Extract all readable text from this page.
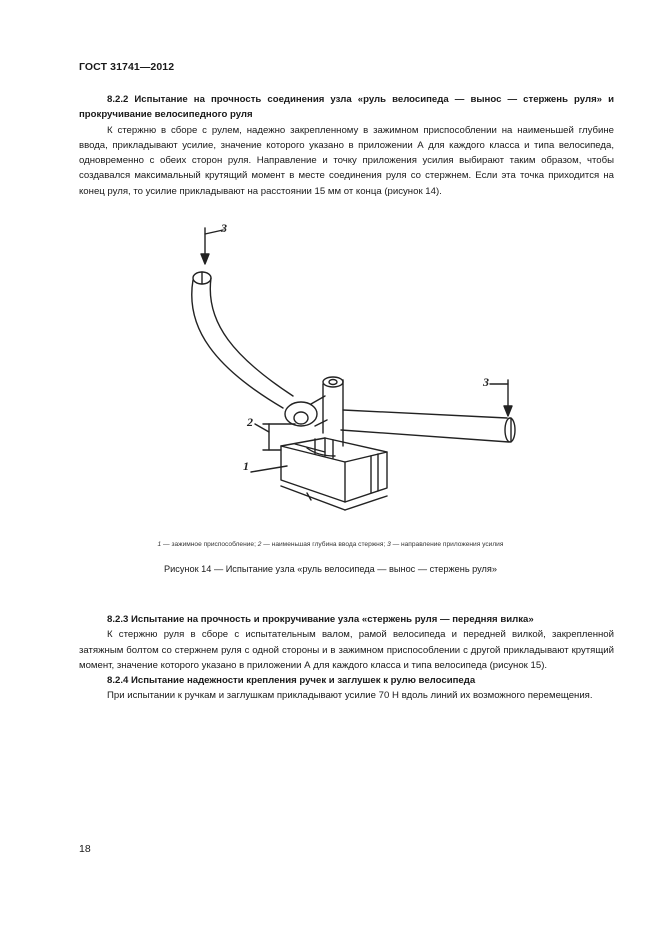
ГОСТ 31741—2012

8.2.2 Испытание на прочность соединения узла «руль велосипеда — вынос — стержень руля» и прокручивание велосипедного руля

К стержню в сборе с рулем, надежно закрепленному в зажимном приспособлении на наименьшей глубине ввода, прикладывают усилие, значение которого указано в приложении А для каждого класса и типа велосипеда, одновременно с обеих сторон руля. Направление и точку приложения усилия выбирают таким образом, чтобы создавался максимальный крутящий момент в месте соединения руля со стержнем. Если эта точка приходится на конец руля, то усилие прикладывают на расстоянии 15 мм от конца (рисунок 14).

3
3
2
1
1 — зажимное приспособление; 2 — наименьшая глубина ввода стержня; 3 — направление приложения усилия
Рисунок 14 — Испытание узла «руль велосипеда — вынос — стержень руля»

8.2.3 Испытание на прочность и прокручивание узла «стержень руля — передняя вилка»

К стержню руля в сборе с испытательным валом, рамой велосипеда и передней вилкой, закрепленной затяжным болтом со стержнем руля с одной стороны и в зажимном приспособлении с другой прикладывают крутящий момент, значение которого указано в приложении А для каждого класса и типа велосипеда (рисунок 15).

8.2.4 Испытание надежности крепления ручек и заглушек к рулю велосипеда

При испытании к ручкам и заглушкам прикладывают усилие 70 Н вдоль линий их возможного перемещения.

18
